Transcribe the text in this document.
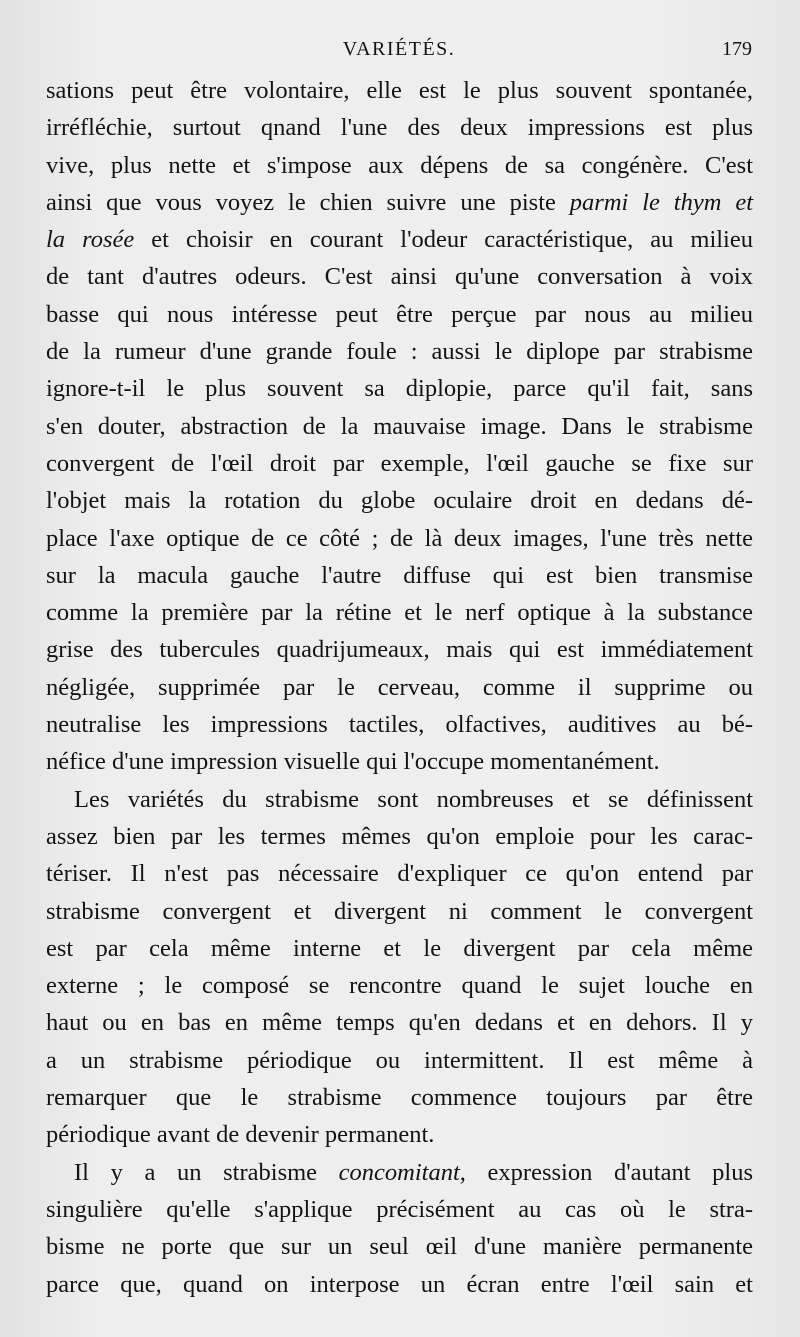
VARIÉTÉS.	179
sations peut être volontaire, elle est le plus souvent spontanée,
irréfléchie, surtout qnand l'une des deux impressions est plus
vive, plus nette et s'impose aux dépens de sa congénère. C'est
ainsi que vous voyez le chien suivre une piste parmi le thym et
la rosée et choisir en courant l'odeur caractéristique, au milieu
de tant d'autres odeurs. C'est ainsi qu'une conversation à voix
basse qui nous intéresse peut être perçue par nous au milieu
de la rumeur d'une grande foule : aussi le diplope par strabisme
ignore-t-il le plus souvent sa diplopie, parce qu'il fait, sans
s'en douter, abstraction de la mauvaise image. Dans le strabisme
convergent de l'œil droit par exemple, l'œil gauche se fixe sur
l'objet mais la rotation du globe oculaire droit en dedans dé-
place l'axe optique de ce côté ; de là deux images, l'une très nette
sur la macula gauche l'autre diffuse qui est bien transmise
comme la première par la rétine et le nerf optique à la substance
grise des tubercules quadrijumeaux, mais qui est immédiatement
négligée, supprimée par le cerveau, comme il supprime ou
neutralise les impressions tactiles, olfactives, auditives au bé-
néfice d'une impression visuelle qui l'occupe momentanément.
Les variétés du strabisme sont nombreuses et se définissent
assez bien par les termes mêmes qu'on emploie pour les carac-
tériser. Il n'est pas nécessaire d'expliquer ce qu'on entend par
strabisme convergent et divergent ni comment le convergent
est par cela même interne et le divergent par cela même
externe ; le composé se rencontre quand le sujet louche en
haut ou en bas en même temps qu'en dedans et en dehors. Il y
a un strabisme périodique ou intermittent. Il est même à
remarquer que le strabisme commence toujours par être
périodique avant de devenir permanent.
Il y a un strabisme concomitant, expression d'autant plus
singulière qu'elle s'applique précisément au cas où le stra-
bisme ne porte que sur un seul œil d'une manière permanente
parce que, quand on interpose un écran entre l'œil sain et
